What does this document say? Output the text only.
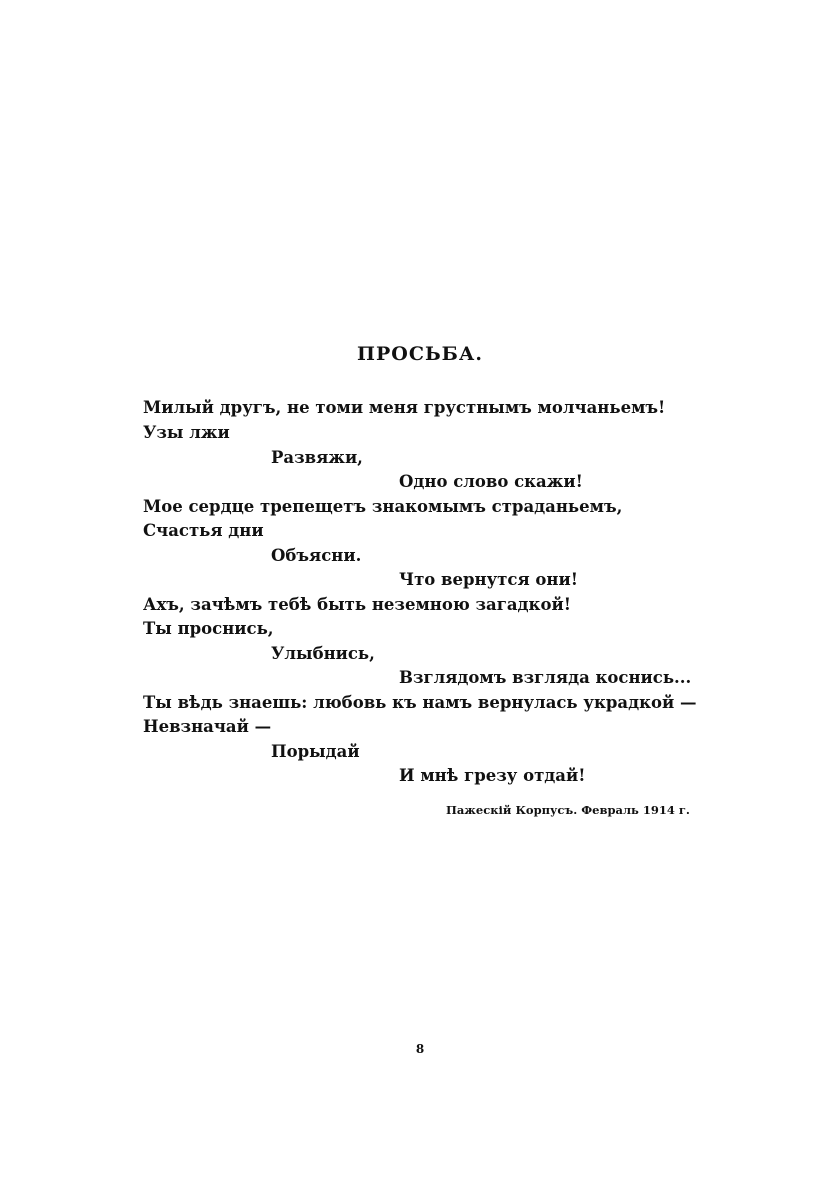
ПРОСЬБА.
Милый другъ, не томи меня грустнымъ молчаньемъ!
Узы лжи
Развяжи,
Одно слово скажи!
Мое сердце трепещетъ знакомымъ страданьемъ,
Счастья дни
Объясни.
Что вернутся они!
Ахъ, зачѣмъ тебѣ быть неземною загадкой!
Ты проснись,
Улыбнись,
Взглядомъ взгляда коснись...
Ты вѣдь знаешь: любовь къ намъ вернулась украдкой —
Невзначай —
Порыдай
И мнѣ грезу отдай!
Пажескій Корпусъ. Февраль 1914 г.
8
